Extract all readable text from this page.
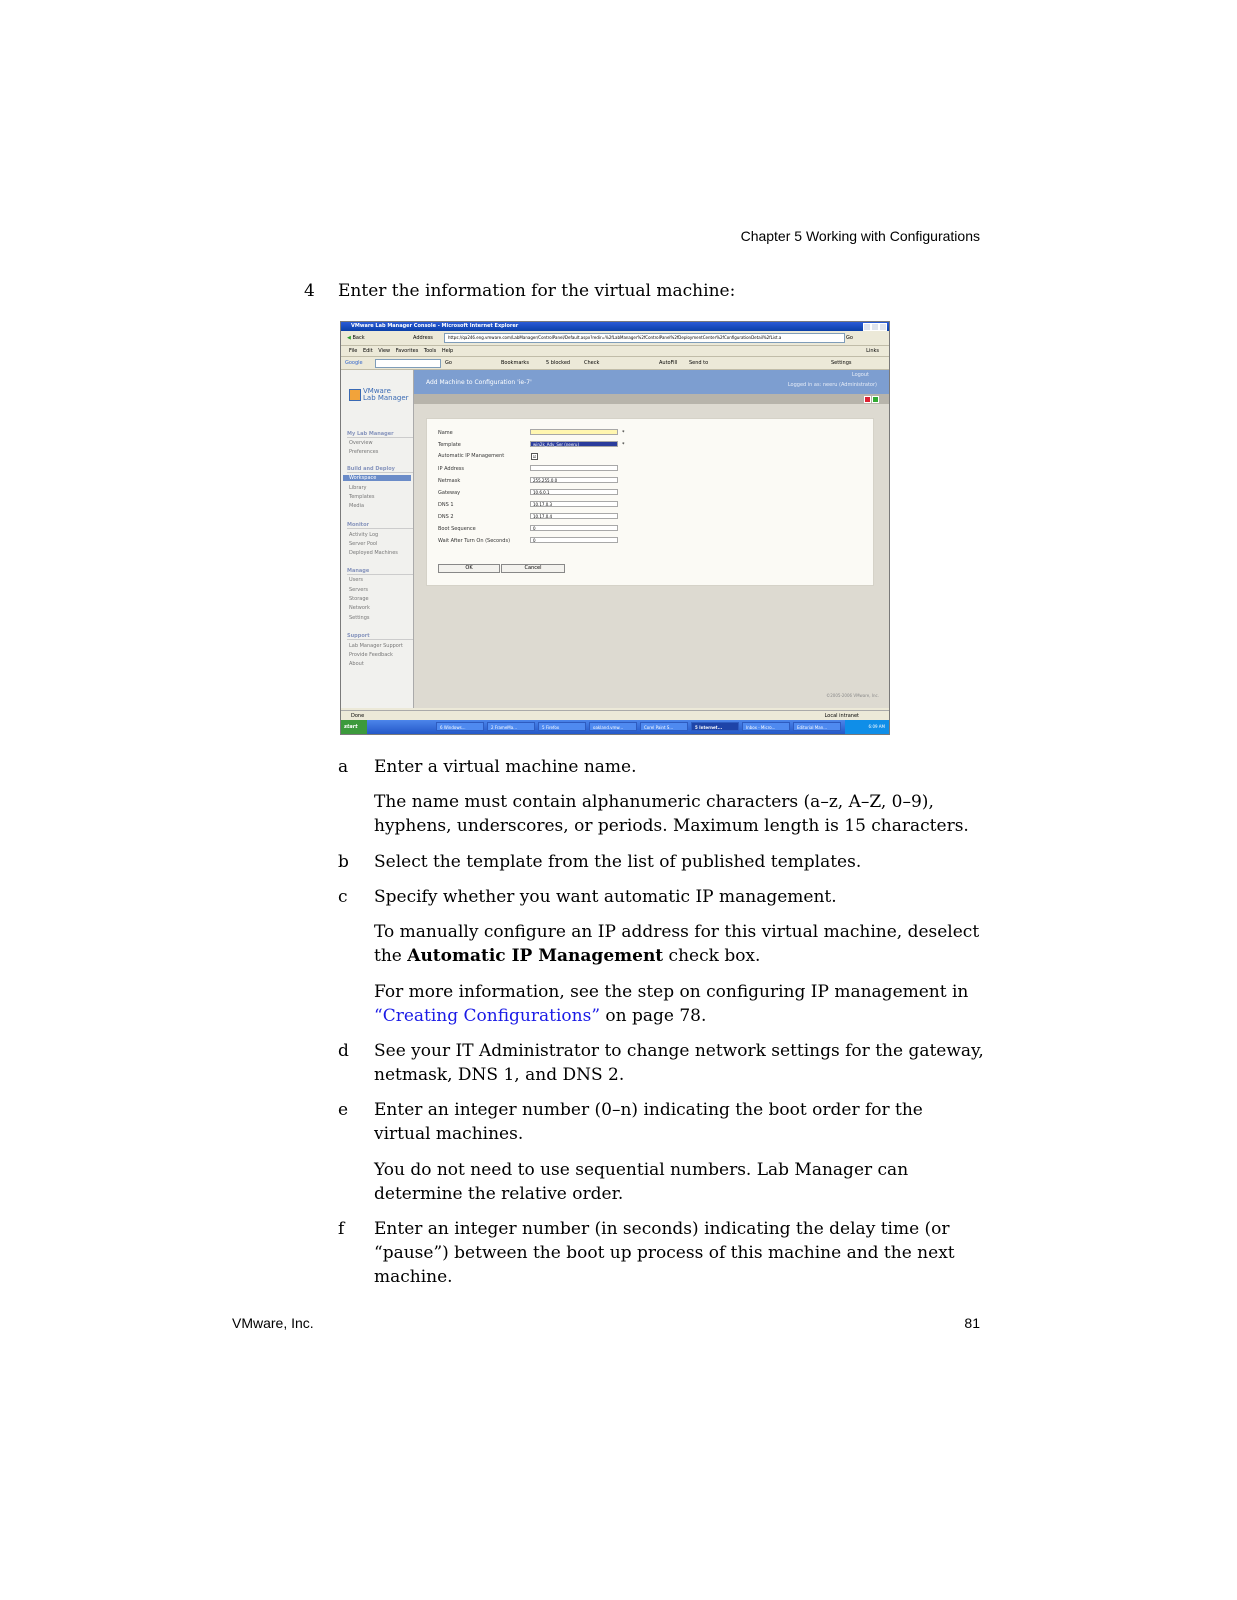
Chapter 5 Working with Configurations
4 Enter the information for the virtual machine:
VMware Lab Manager Console - Microsoft Internet Explorer
◀ Back	Address	https://qa246.eng.vmware.com/LabManager/ControlPanel/Default.aspx?redir=%2fLabManager%2fControlPanel%2fDeploymentCenter%2fConfigurationDetail%2fList.a	Go
File Edit View Favorites Tools Help	Links
Google	Go	Bookmarks	5 blocked	Check	AutoFill Send to	Settings
VMware
Lab Manager
My Lab Manager
Overview
Preferences
Build and Deploy
Workspace
Library
Templates
Media
Monitor
Activity Log
Server Pool
Deployed Machines
Manage
Users
Servers
Storage
Network
Settings
Support
Lab Manager Support
Provide Feedback
About
Logout
Add Machine to Configuration 'ie-7'	Logged in as: neeru (Administrator)
Name	*
Template	win2k_Adv_Ser (neeru)	*
Automatic IP Management	☑
IP Address
Netmask	255.255.0.0
Gateway	10.6.0.1
DNS 1	10.17.0.3
DNS 2	10.17.0.4
Boot Sequence	0
Wait After Turn On (Seconds)	0
OK	Cancel
©2005-2006 VMware, Inc.
Done	Local intranet
start	6 Windows...	2 FrameMa...	5 Firefox	oakland.vmw...	Corel Paint S...	5 Internet...	Inbox - Micro...	Editorial Man...	6:09 AM
a Enter a virtual machine name.
The name must contain alphanumeric characters (a–z, A–Z, 0–9), hyphens, underscores, or periods. Maximum length is 15 characters.
b Select the template from the list of published templates.
c Specify whether you want automatic IP management.
To manually configure an IP address for this virtual machine, deselect the Automatic IP Management check box.
For more information, see the step on configuring IP management in “Creating Configurations” on page 78.
d See your IT Administrator to change network settings for the gateway, netmask, DNS 1, and DNS 2.
e Enter an integer number (0–n) indicating the boot order for the virtual machines.
You do not need to use sequential numbers. Lab Manager can determine the relative order.
f Enter an integer number (in seconds) indicating the delay time (or “pause”) between the boot up process of this machine and the next machine.
VMware, Inc.	81
